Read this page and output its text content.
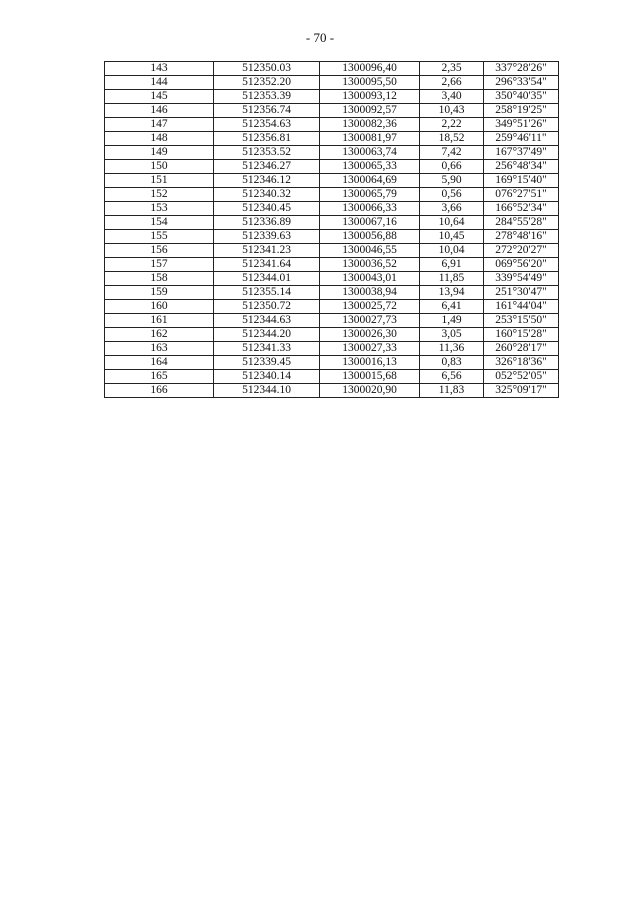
- 70 -
143	512350.03	1300096,40	2,35	337°28'26"
144	512352.20	1300095,50	2,66	296°33'54"
145	512353.39	1300093,12	3,40	350°40'35"
146	512356.74	1300092,57	10,43	258°19'25"
147	512354.63	1300082,36	2,22	349°51'26"
148	512356.81	1300081,97	18,52	259°46'11"
149	512353.52	1300063,74	7,42	167°37'49"
150	512346.27	1300065,33	0,66	256°48'34"
151	512346.12	1300064,69	5,90	169°15'40"
152	512340.32	1300065,79	0,56	076°27'51"
153	512340.45	1300066,33	3,66	166°52'34"
154	512336.89	1300067,16	10,64	284°55'28"
155	512339.63	1300056,88	10,45	278°48'16"
156	512341.23	1300046,55	10,04	272°20'27"
157	512341.64	1300036,52	6,91	069°56'20"
158	512344.01	1300043,01	11,85	339°54'49"
159	512355.14	1300038,94	13,94	251°30'47"
160	512350.72	1300025,72	6,41	161°44'04"
161	512344.63	1300027,73	1,49	253°15'50"
162	512344.20	1300026,30	3,05	160°15'28"
163	512341.33	1300027,33	11,36	260°28'17"
164	512339.45	1300016,13	0,83	326°18'36"
165	512340.14	1300015,68	6,56	052°52'05"
166	512344.10	1300020,90	11,83	325°09'17"
